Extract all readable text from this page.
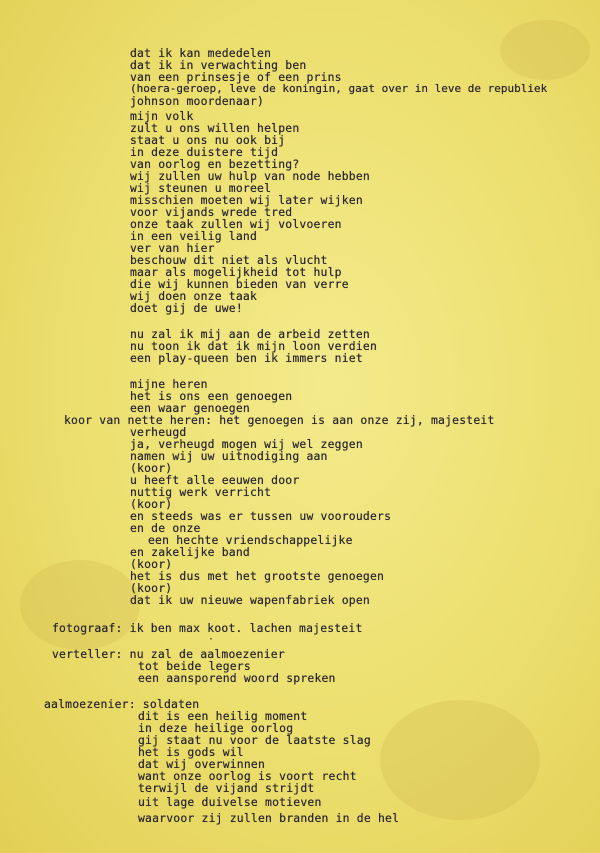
dat ik kan mededelen
dat ik in verwachting ben
van een prinsesje of een prins
(hoera-geroep, leve de koningin, gaat over in leve de republiek
johnson moordenaar)
mijn volk
zult u ons willen helpen
staat u ons nu ook bij
in deze duistere tijd
van oorlog en bezetting?
wij zullen uw hulp van node hebben
wij steunen u moreel
misschien moeten wij later wijken
voor vijands wrede tred
onze taak zullen wij volvoeren
in een veilig land
ver van hier
beschouw dit niet als vlucht
maar als mogelijkheid tot hulp
die wij kunnen bieden van verre
wij doen onze taak
doet gij de uwe!
nu zal ik mij aan de arbeid zetten
nu toon ik dat ik mijn loon verdien
een play-queen ben ik immers niet
mijne heren
het is ons een genoegen
een waar genoegen
koor van nette heren: het genoegen is aan onze zij, majesteit
verheugd
ja, verheugd mogen wij wel zeggen
namen wij uw uitnodiging aan
(koor)
u heeft alle eeuwen door
nuttig werk verricht
(koor)
en steeds was er tussen uw voorouders
en de onze
een hechte vriendschappelijke
en zakelijke band
(koor)
het is dus met het grootste genoegen
(koor)
dat ik uw nieuwe wapenfabriek open
fotograaf: ik ben max koot. lachen majesteit
·
verteller: nu zal de aalmoezenier
tot beide legers
een aansporend woord spreken
aalmoezenier: soldaten
dit is een heilig moment
in deze heilige oorlog
gij staat nu voor de laatste slag
het is gods wil
dat wij overwinnen
want onze oorlog is voort recht
terwijl de vijand strijdt
uit lage duivelse motieven
waarvoor zij zullen branden in de hel
